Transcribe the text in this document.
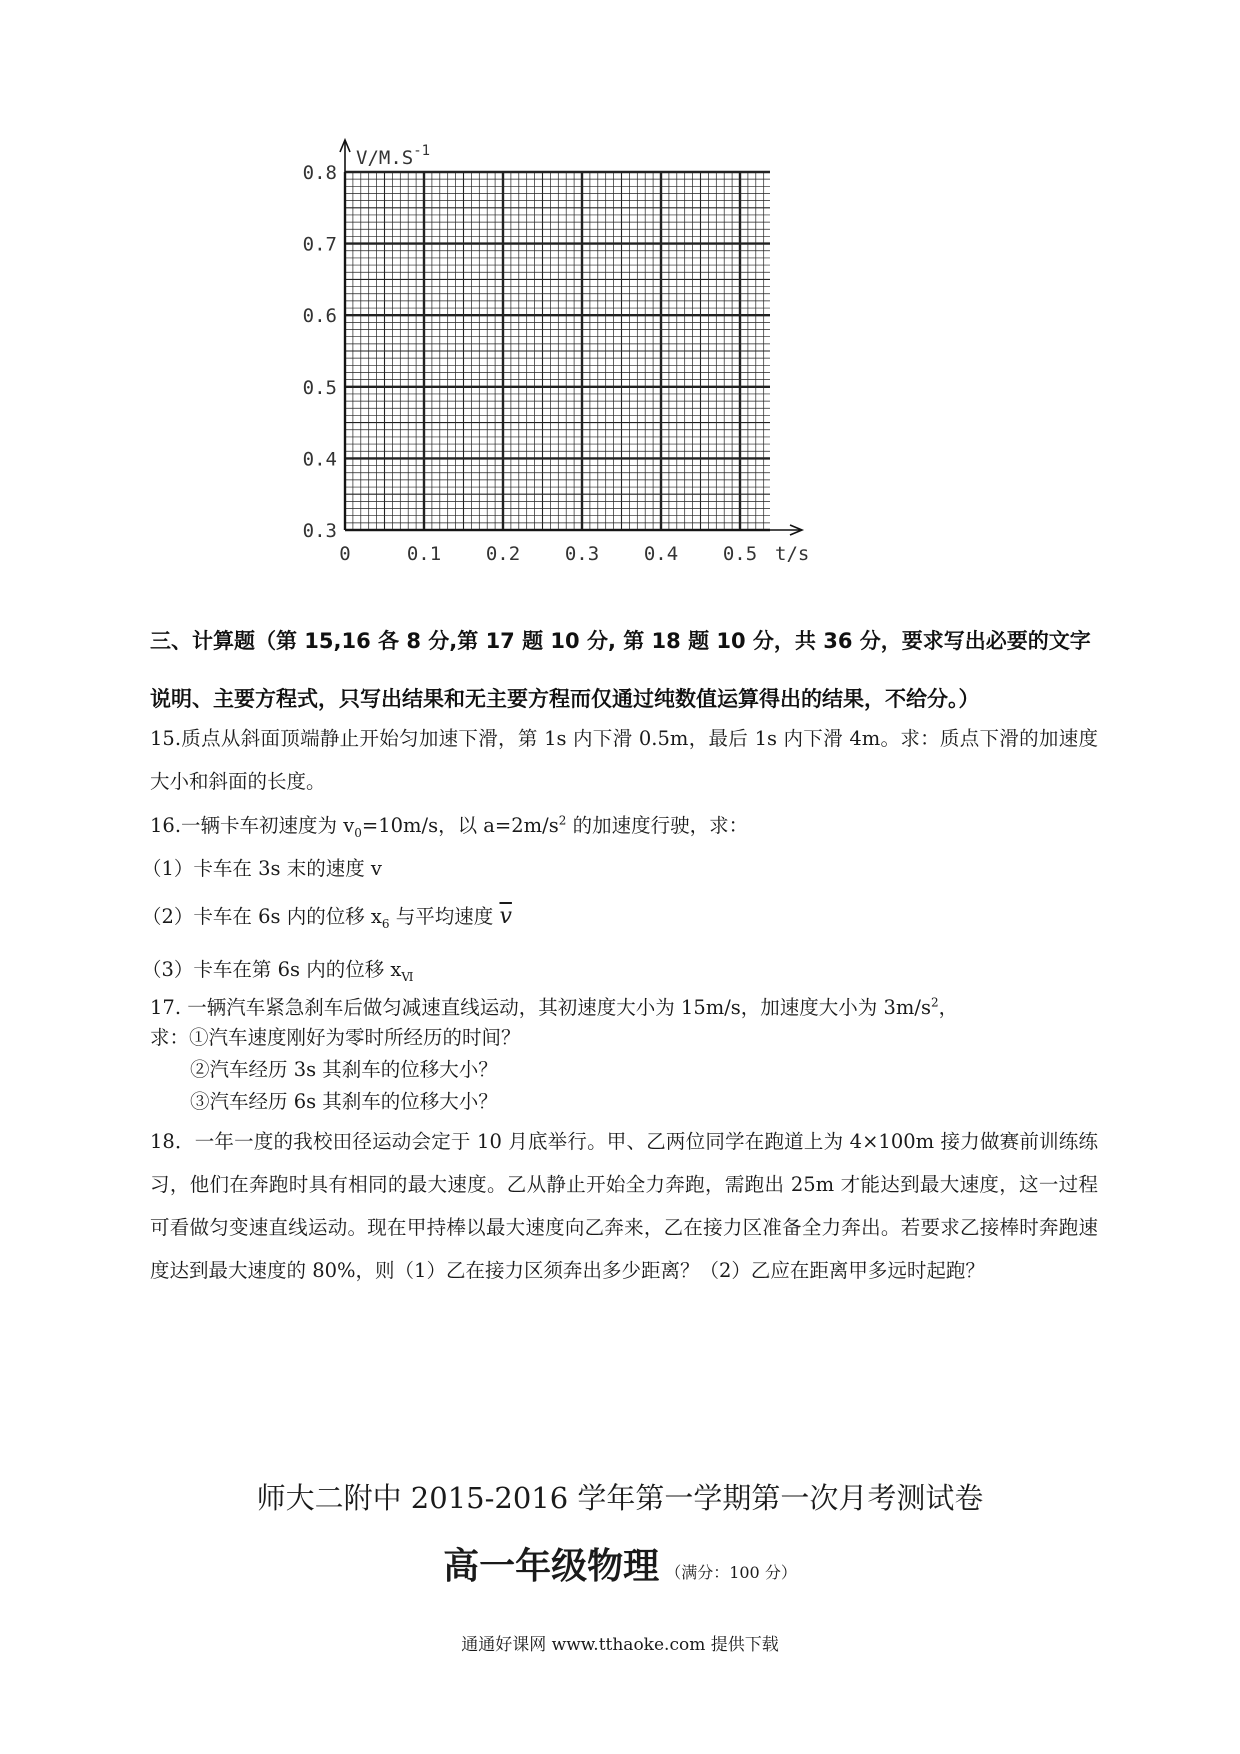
0.3
0.4
0.5
0.6
0.7
0.8
0	0.1 0.2 0.3 0.4 0.5
$V/M.S^{-1}$
t/s
三、计算题（第 15,16 各 8 分,第 17 题 10 分, 第 18 题 10 分，共 36 分，要求写出必要的文字说明、主要方程式，只写出结果和无主要方程而仅通过纯数值运算得出的结果，不给分。）
15.质点从斜面顶端静止开始匀加速下滑，第 1s 内下滑 0.5m，最后 1s 内下滑 4m。求：质点下滑的加速度大小和斜面的长度。
16.一辆卡车初速度为 $v_0=10m/s$，以 $a=2m/s^2$ 的加速度行驶，求：
（1）卡车在 3s 末的速度 v
（2）卡车在 6s 内的位移 $x_6$ 与平均速度 $\overline{v}$
（3）卡车在第 6s 内的位移 $x_Ⅵ$
17. 一辆汽车紧急刹车后做匀减速直线运动，其初速度大小为 15m/s，加速度大小为 $3m/s^2$，
求：①汽车速度刚好为零时所经历的时间？
②汽车经历 3s 其刹车的位移大小？
③汽车经历 6s 其刹车的位移大小？
18．一年一度的我校田径运动会定于 10 月底举行。甲、乙两位同学在跑道上为 4×100m 接力做赛前训练练习，他们在奔跑时具有相同的最大速度。乙从静止开始全力奔跑，需跑出 25m 才能达到最大速度，这一过程可看做匀变速直线运动。现在甲持棒以最大速度向乙奔来，乙在接力区准备全力奔出。若要求乙接棒时奔跑速度达到最大速度的 80%，则（1）乙在接力区须奔出多少距离？（2）乙应在距离甲多远时起跑？
师大二附中 2015-2016 学年第一学期第一次月考测试卷
高一年级物理 （满分：100 分）
通通好课网 www.tthaoke.com 提供下载
